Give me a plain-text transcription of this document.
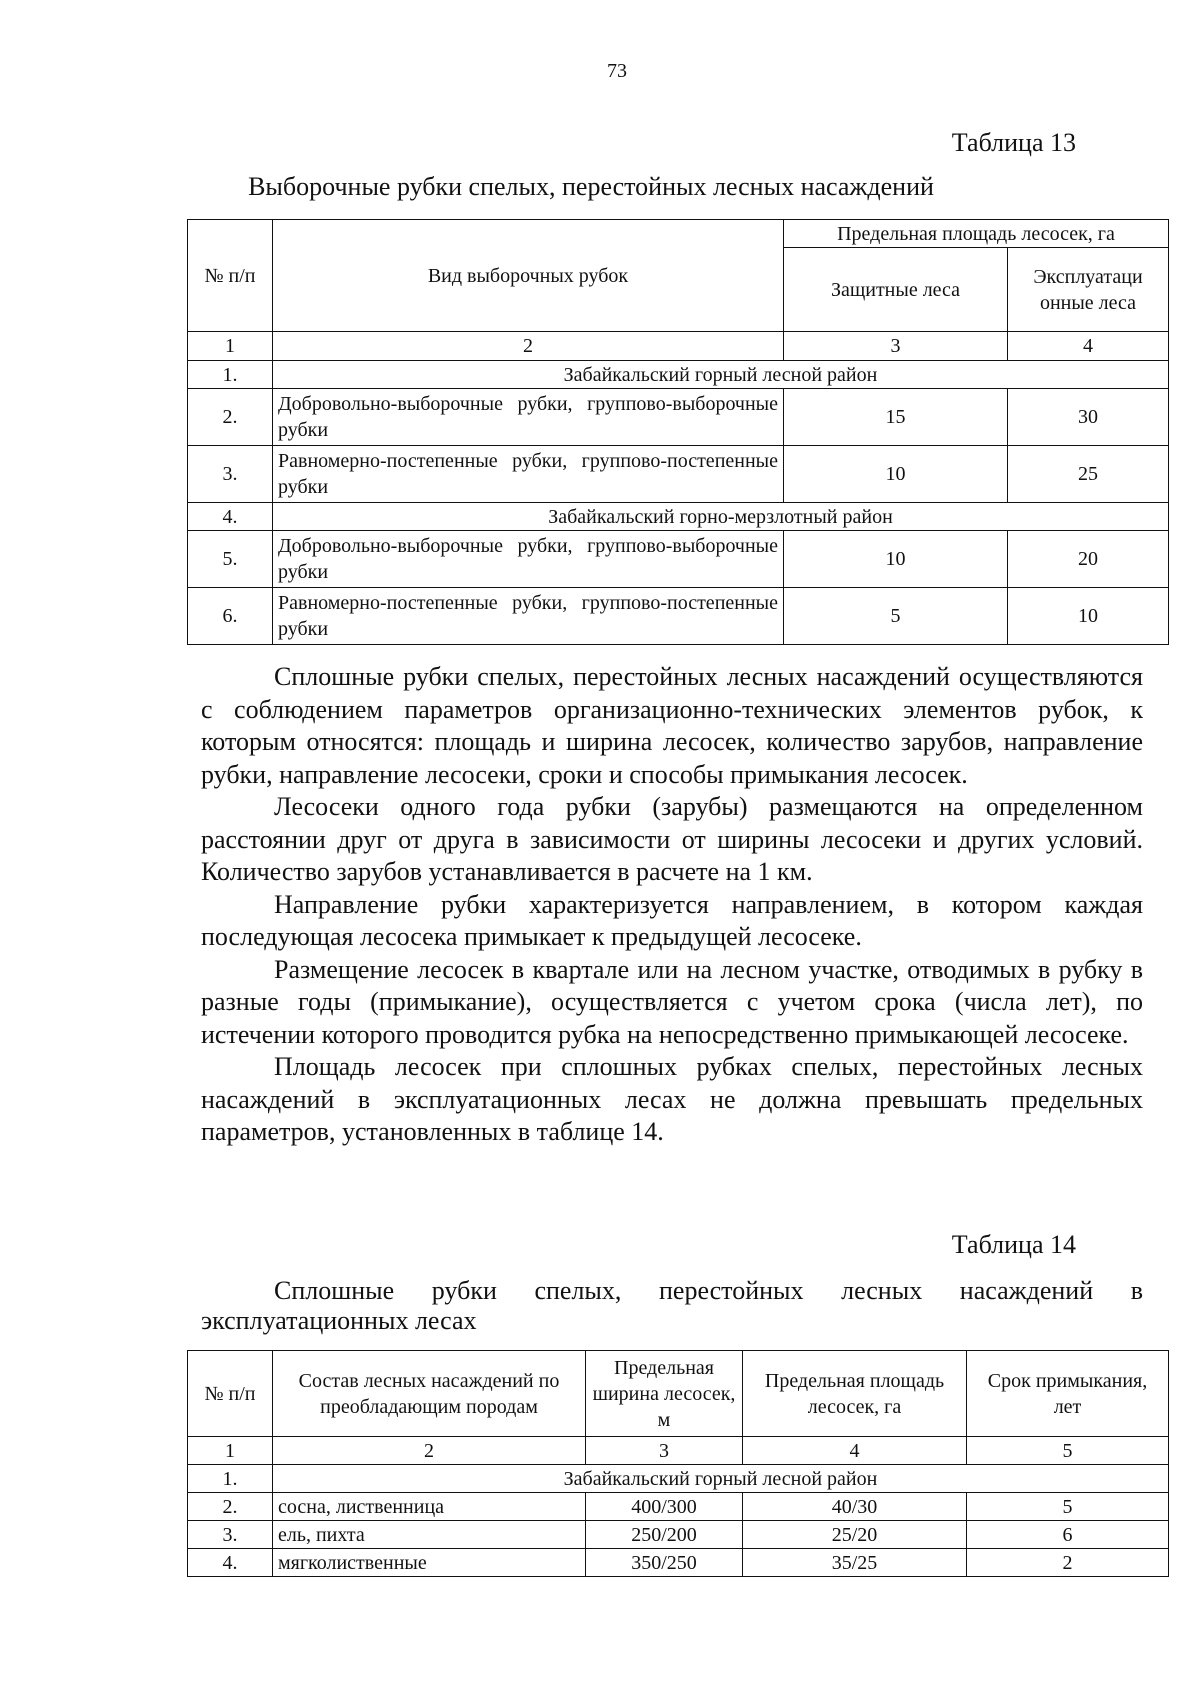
73
Таблица 13
Выборочные рубки спелых, перестойных лесных насаждений
№ п/п	Вид выборочных рубок	Предельная площадь лесосек, га	
		Защитные леса	Эксплуатаци онные леса
1	2	3	4
1.	Забайкальский горный лесной район		
2.	Добровольно-выборочные рубки, группово-выборочные рубки	15	30
3.	Равномерно-постепенные рубки, группово-постепенные рубки	10	25
4.	Забайкальский горно-мерзлотный район		
5.	Добровольно-выборочные рубки, группово-выборочные рубки	10	20
6.	Равномерно-постепенные рубки, группово-постепенные рубки	5	10

Сплошные рубки спелых, перестойных лесных насаждений осуществляются с соблюдением параметров организационно-технических элементов рубок, к которым относятся: площадь и ширина лесосек, количество зарубов, направление рубки, направление лесосеки, сроки и способы примыкания лесосек.

Лесосеки одного года рубки (зарубы) размещаются на определенном расстоянии друг от друга в зависимости от ширины лесосеки и других условий. Количество зарубов устанавливается в расчете на 1 км.

Направление рубки характеризуется направлением, в котором каждая последующая лесосека примыкает к предыдущей лесосеке.

Размещение лесосек в квартале или на лесном участке, отводимых в рубку в разные годы (примыкание), осуществляется с учетом срока (числа лет), по истечении которого проводится рубка на непосредственно примыкающей лесосеке.

Площадь лесосек при сплошных рубках спелых, перестойных лесных насаждений в эксплуатационных лесах не должна превышать предельных параметров, установленных в таблице 14.

Таблица 14
Сплошные рубки спелых, перестойных лесных насаждений в эксплуатационных лесах
№ п/п	Состав лесных насаждений по преобладающим породам	Предельная ширина лесосек, м	Предельная площадь лесосек, га	Срок примыкания, лет
1	2	3	4	5
1.	Забайкальский горный лесной район			
2.	сосна, лиственница	400/300	40/30	5
3.	ель, пихта	250/200	25/20	6
4.	мягколиственные	350/250	35/25	2
